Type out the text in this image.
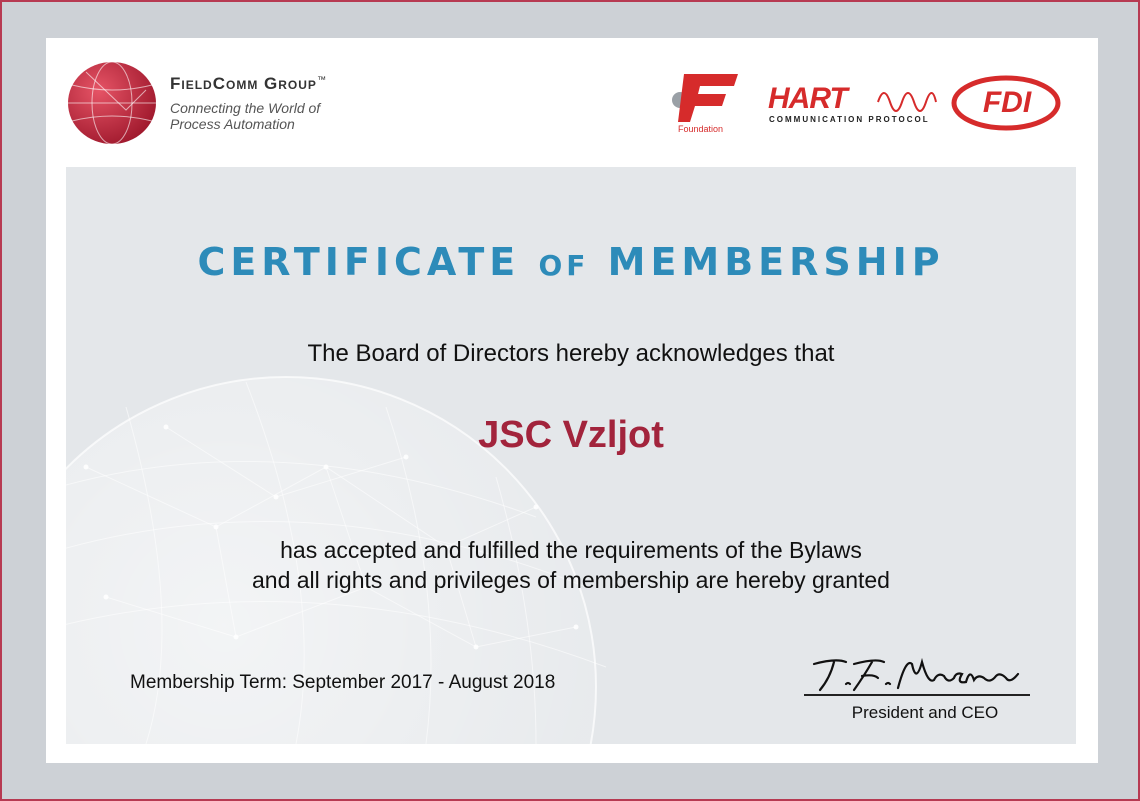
FieldComm Group™
Connecting the World of
Process Automation	Foundation
HART
COMMUNICATION PROTOCOL
FDI
CERTIFICATE OF MEMBERSHIP
The Board of Directors hereby acknowledges that
JSC Vzljot
has accepted and fulfilled the requirements of the Bylaws
and all rights and privileges of membership are hereby granted
Membership Term: September 2017 - August 2018
President and CEO
